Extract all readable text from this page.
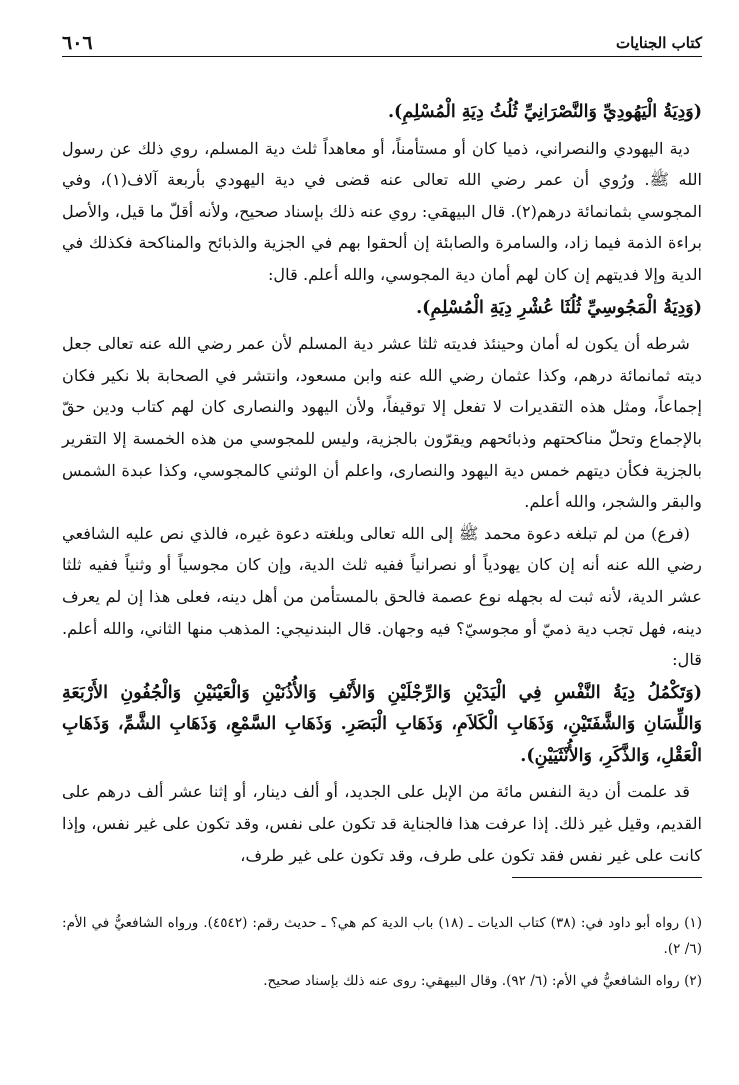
كتاب الجنايات
٦٠٦

(وَدِيَةُ الْيَهُودِيِّ وَالنَّصْرَانِيِّ ثُلُثُ دِيَةِ الْمُسْلِمِ).

دية اليهودي والنصراني، ذميا كان أو مستأمناً، أو معاهداً ثلث دية المسلم، روي ذلك عن رسول الله ﷺ. ورُوي أن عمر رضي الله تعالى عنه قضى في دية اليهودي بأربعة آلاف(١)، وفي المجوسي بثمانمائة درهم(٢). قال البيهقي: روي عنه ذلك بإسناد صحيح، ولأنه أقلّ ما قيل، والأصل براءة الذمة فيما زاد، والسامرة والصابئة إن ألحقوا بهم في الجزية والذبائح والمناكحة فكذلك في الدية وإلا فديتهم إن كان لهم أمان دية المجوسي، والله أعلم. قال:

(وَدِيَةُ الْمَجُوسِيِّ ثُلُثَا عُشْرِ دِيَةِ الْمُسْلِمِ).

شرطه أن يكون له أمان وحينئذ فديته ثلثا عشر دية المسلم لأن عمر رضي الله عنه تعالى جعل ديته ثمانمائة درهم، وكذا عثمان رضي الله عنه وابن مسعود، وانتشر في الصحابة بلا نكير فكان إجماعاً، ومثل هذه التقديرات لا تفعل إلا توقيفاً، ولأن اليهود والنصارى كان لهم كتاب ودين حقّ بالإجماع وتحلّ مناكحتهم وذبائحهم ويقرّون بالجزية، وليس للمجوسي من هذه الخمسة إلا التقرير بالجزية فكأن ديتهم خمس دية اليهود والنصارى، واعلم أن الوثني كالمجوسي، وكذا عبدة الشمس والبقر والشجر، والله أعلم.

(فرع) من لم تبلغه دعوة محمد ﷺ إلى الله تعالى وبلغته دعوة غيره، فالذي نص عليه الشافعي رضي الله عنه أنه إن كان يهودياً أو نصرانياً ففيه ثلث الدية، وإن كان مجوسياً أو وثنياً ففيه ثلثا عشر الدية، لأنه ثبت له بجهله نوع عصمة فالحق بالمستأمن من أهل دينه، فعلى هذا إن لم يعرف دينه، فهل تجب دية ذميّ أو مجوسيّ؟ فيه وجهان. قال البندنيجي: المذهب منها الثاني، والله أعلم. قال:

(وَتَكْمُلُ دِيَةُ النَّفْسِ فِي الْيَدَيْنِ وَالرِّجْلَيْنِ وَالأَنْفِ وَالأُذُنَيْنِ وَالْعَيْنَيْنِ وَالْجُفُونِ الأَرْبَعَةِ وَاللِّسَانِ وَالشَّفَتَيْنِ، وَذَهَابِ الْكَلاَمِ، وَذَهَابِ الْبَصَرِ. وَذَهَابِ السَّمْعِ، وَذَهَابِ الشَّمِّ، وَذَهَابِ الْعَقْلِ، وَالذَّكَرِ، وَالأُنْثَيَيْنِ).

قد علمت أن دية النفس مائة من الإبل على الجديد، أو ألف دينار، أو إثنا عشر ألف درهم على القديم، وقيل غير ذلك. إذا عرفت هذا فالجناية قد تكون على نفس، وقد تكون على غير نفس، وإذا كانت على غير نفس فقد تكون على طرف، وقد تكون على غير طرف،

(١) رواه أبو داود في: (٣٨) كتاب الديات ـ (١٨) باب الدية كم هي؟ ـ حديث رقم: (٤٥٤٢). ورواه الشافعيُّ في الأم: (٦/ ٢).

(٢) رواه الشافعيُّ في الأم: (٦/ ٩٢). وقال البيهقي: روى عنه ذلك بإسناد صحيح.
